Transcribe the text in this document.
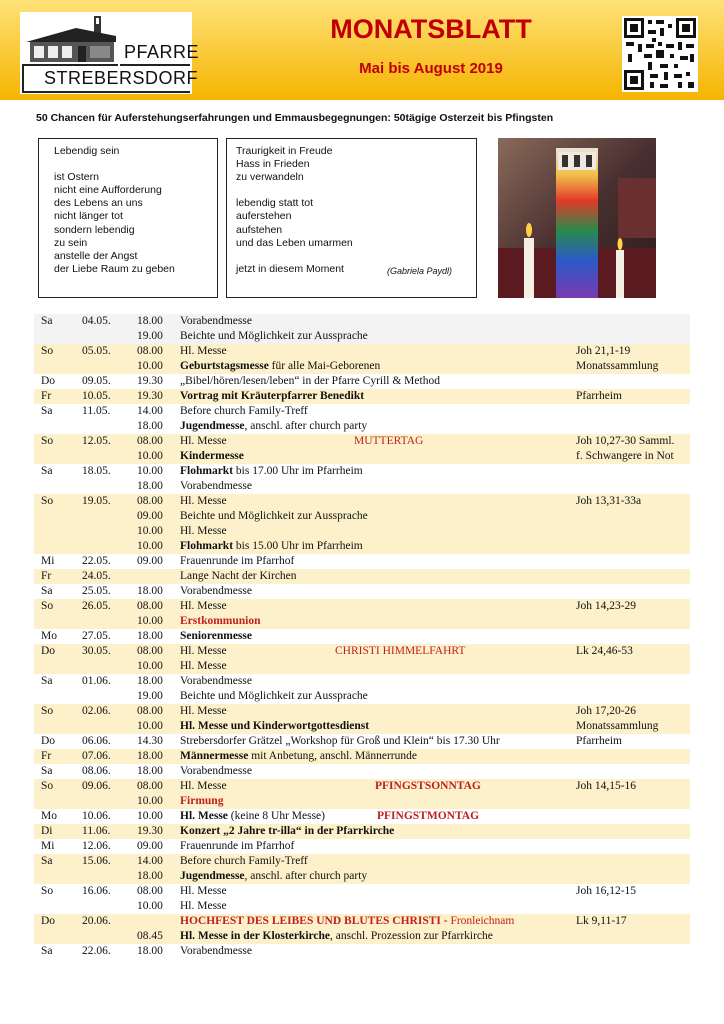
PFARRE
STREBERSDORF
MONATSBLATT
Mai bis August 2019
50 Chancen für Auferstehungserfahrungen und Emmausbegegnungen: 50tägige Osterzeit bis Pfingsten
Lebendig sein
ist Ostern
nicht eine Aufforderung
des Lebens an uns
nicht länger tot
sondern lebendig
zu sein
anstelle der Angst
der Liebe Raum zu geben
Traurigkeit in Freude
Hass in Frieden
zu verwandeln
lebendig statt tot
auferstehen
aufstehen
und das Leben umarmen
jetzt in diesem Moment	(Gabriela Paydl)
Sa	04.05. 18.00 Vorabendmesse
19.00 Beichte und Möglichkeit zur Aussprache
So	05.05. 08.00 Hl. Messe	Joh 21,1-19
10.00 Geburtstagsmesse für alle Mai-Geborenen	Monatssammlung
Do 09.05. 19.30 „Bibel/hören/lesen/leben“ in der Pfarre Cyrill & Method
Fr	10.05. 19.30 Vortrag mit Kräuterpfarrer Benedikt	Pfarrheim
Sa	11.05. 14.00 Before church Family-Treff
18.00 Jugendmesse, anschl. after church party
So	12.05. 08.00 Hl. Messe	MUTTERTAG	Joh 10,27-30 Samml.
10.00 Kindermesse	f. Schwangere in Not
Sa	18.05. 10.00 Flohmarkt bis 17.00 Uhr im Pfarrheim
18.00 Vorabendmesse
So	19.05. 08.00 Hl. Messe	Joh 13,31-33a
09.00 Beichte und Möglichkeit zur Aussprache
10.00 Hl. Messe
10.00 Flohmarkt bis 15.00 Uhr im Pfarrheim
Mi 22.05. 09.00 Frauenrunde im Pfarrhof
Fr	24.05.	Lange Nacht der Kirchen
Sa	25.05. 18.00 Vorabendmesse
So	26.05. 08.00 Hl. Messe	Joh 14,23-29
10.00 Erstkommunion
Mo 27.05. 18.00 Seniorenmesse
Do 30.05. 08.00 Hl. Messe	CHRISTI HIMMELFAHRT	Lk 24,46-53
10.00 Hl. Messe
Sa	01.06. 18.00 Vorabendmesse
19.00 Beichte und Möglichkeit zur Aussprache
So	02.06. 08.00 Hl. Messe	Joh 17,20-26
10.00 Hl. Messe und Kinderwortgottesdienst	Monatssammlung
Do 06.06. 14.30 Strebersdorfer Grätzel „Workshop für Groß und Klein“ bis 17.30 Uhr	Pfarrheim
Fr	07.06. 18.00 Männermesse mit Anbetung, anschl. Männerrunde
Sa	08.06. 18.00 Vorabendmesse
So	09.06. 08.00 Hl. Messe	PFINGSTSONNTAG	Joh 14,15-16
10.00 Firmung
Mo 10.06. 10.00 Hl. Messe (keine 8 Uhr Messe)	PFINGSTMONTAG
Di	11.06. 19.30 Konzert „2 Jahre tr-illa“ in der Pfarrkirche
Mi 12.06. 09.00 Frauenrunde im Pfarrhof
Sa	15.06. 14.00 Before church Family-Treff
18.00 Jugendmesse, anschl. after church party
So	16.06. 08.00 Hl. Messe	Joh 16,12-15
10.00 Hl. Messe
Do 20.06.	HOCHFEST DES LEIBES UND BLUTES CHRISTI - Fronleichnam	Lk 9,11-17
08.45 Hl. Messe in der Klosterkirche, anschl. Prozession zur Pfarrkirche
Sa	22.06. 18.00 Vorabendmesse
